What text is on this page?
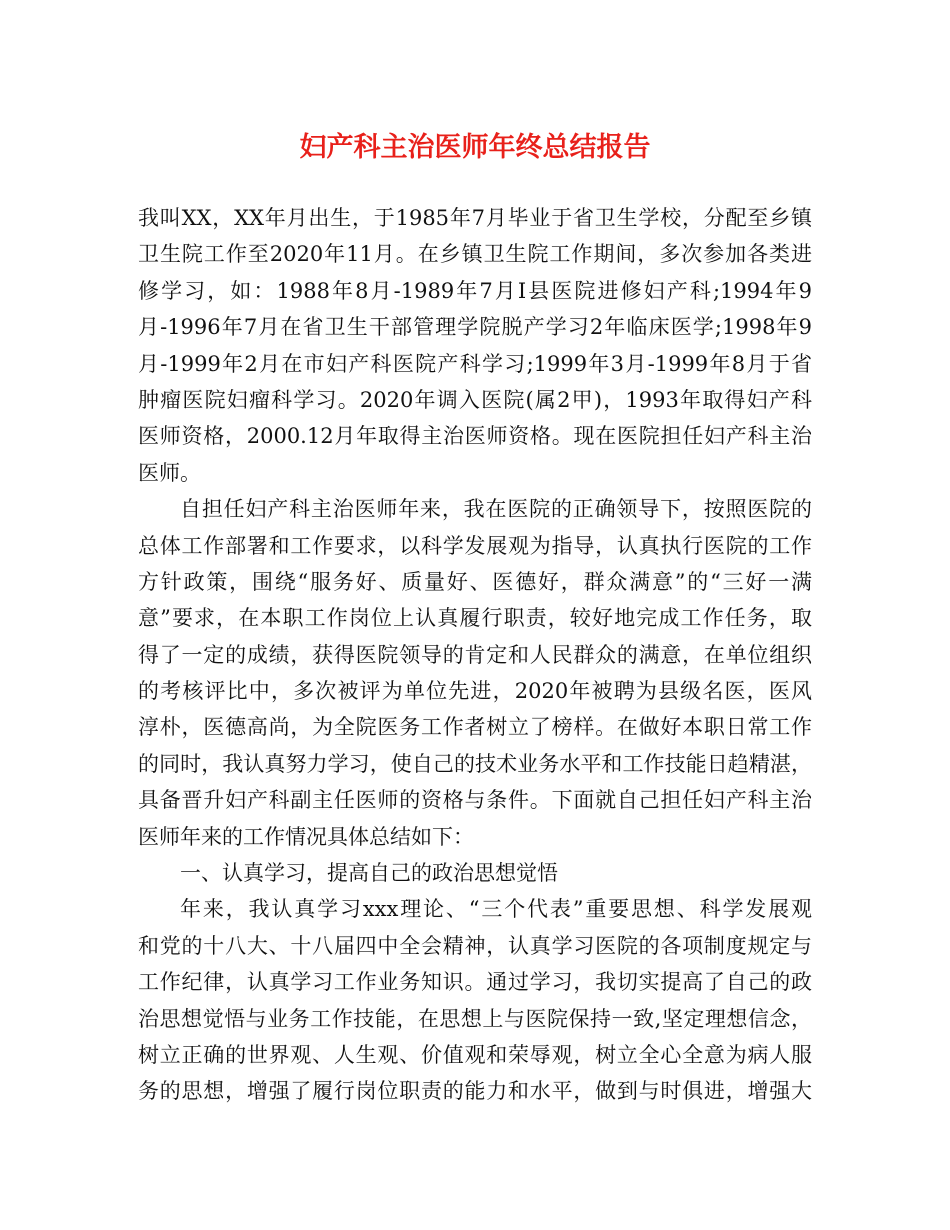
妇产科主治医师年终总结报告
我叫XX，XX年月出生，于1985年7月毕业于省卫生学校，分配至乡镇
卫生院工作至2020年11月。在乡镇卫生院工作期间，多次参加各类进
修学习，如：1988年8月-1989年7月I县医院进修妇产科;1994年9
月-1996年7月在省卫生干部管理学院脱产学习2年临床医学;1998年9
月-1999年2月在市妇产科医院产科学习;1999年3月-1999年8月于省
肿瘤医院妇瘤科学习。2020年调入医院(属2甲)，1993年取得妇产科
医师资格，2000.12月年取得主治医师资格。现在医院担任妇产科主治
医师。
自担任妇产科主治医师年来，我在医院的正确领导下，按照医院的
总体工作部署和工作要求，以科学发展观为指导，认真执行医院的工作
方针政策，围绕“服务好、质量好、医德好，群众满意”的“三好一满
意”要求，在本职工作岗位上认真履行职责，较好地完成工作任务，取
得了一定的成绩，获得医院领导的肯定和人民群众的满意，在单位组织
的考核评比中，多次被评为单位先进，2020年被聘为县级名医，医风
淳朴，医德高尚，为全院医务工作者树立了榜样。在做好本职日常工作
的同时，我认真努力学习，使自己的技术业务水平和工作技能日趋精湛，
具备晋升妇产科副主任医师的资格与条件。下面就自己担任妇产科主治
医师年来的工作情况具体总结如下：
一、认真学习，提高自己的政治思想觉悟
年来，我认真学习xxx理论、“三个代表”重要思想、科学发展观
和党的十八大、十八届四中全会精神，认真学习医院的各项制度规定与
工作纪律，认真学习工作业务知识。通过学习，我切实提高了自己的政
治思想觉悟与业务工作技能，在思想上与医院保持一致,坚定理想信念，
树立正确的世界观、人生观、价值观和荣辱观，树立全心全意为病人服
务的思想，增强了履行岗位职责的能力和水平，做到与时俱进，增强大
